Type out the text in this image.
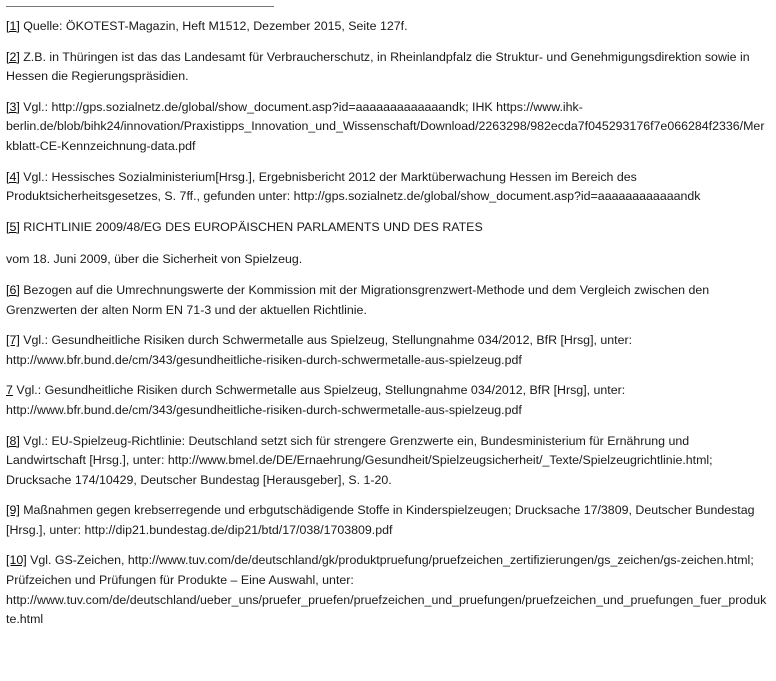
[1] Quelle: ÖKOTEST-Magazin, Heft M1512, Dezember 2015, Seite 127f.

[2] Z.B. in Thüringen ist das das Landesamt für Verbraucherschutz, in Rheinlandpfalz die Struktur- und Genehmigungsdirektion sowie in Hessen die Regierungspräsidien.

[3] Vgl.: http://gps.sozialnetz.de/global/show_document.asp?id=aaaaaaaaaaaaandk; IHK https://www.ihk-berlin.de/blob/bihk24/innovation/Praxistipps_Innovation_und_Wissenschaft/Download/2263298/982ecda7f045293176f7e066284f2336/Merkblatt-CE-Kennzeichnung-data.pdf

[4] Vgl.: Hessisches Sozialministerium[Hrsg.], Ergebnisbericht 2012 der Marktüberwachung Hessen im Bereich des Produktsicherheitsgesetzes, S. 7ff., gefunden unter: http://gps.sozialnetz.de/global/show_document.asp?id=aaaaaaaaaaaandk

[5] RICHTLINIE 2009/48/EG DES EUROPÄISCHEN PARLAMENTS UND DES RATES

vom 18. Juni 2009, über die Sicherheit von Spielzeug.

[6] Bezogen auf die Umrechnungswerte der Kommission mit der Migrationsgrenzwert-Methode und dem Vergleich zwischen den Grenzwerten der alten Norm EN 71-3 und der aktuellen Richtlinie.

[7] Vgl.: Gesundheitliche Risiken durch Schwermetalle aus Spielzeug, Stellungnahme 034/2012, BfR [Hrsg], unter: http://www.bfr.bund.de/cm/343/gesundheitliche-risiken-durch-schwermetalle-aus-spielzeug.pdf

7 Vgl.: Gesundheitliche Risiken durch Schwermetalle aus Spielzeug, Stellungnahme 034/2012, BfR [Hrsg], unter: http://www.bfr.bund.de/cm/343/gesundheitliche-risiken-durch-schwermetalle-aus-spielzeug.pdf

[8] Vgl.: EU-Spielzeug-Richtlinie: Deutschland setzt sich für strengere Grenzwerte ein, Bundesministerium für Ernährung und Landwirtschaft [Hrsg.], unter: http://www.bmel.de/DE/Ernaehrung/Gesundheit/Spielzeugsicherheit/_Texte/Spielzeugrichtlinie.html; Drucksache 174/10429, Deutscher Bundestag [Herausgeber], S. 1-20.

[9] Maßnahmen gegen krebserregende und erbgutschädigende Stoffe in Kinderspielzeugen; Drucksache 17/3809, Deutscher Bundestag [Hrsg.], unter: http://dip21.bundestag.de/dip21/btd/17/038/1703809.pdf

[10] Vgl. GS-Zeichen, http://www.tuv.com/de/deutschland/gk/produktpruefung/pruefzeichen_zertifizierungen/gs_zeichen/gs-zeichen.html; Prüfzeichen und Prüfungen für Produkte – Eine Auswahl, unter: http://www.tuv.com/de/deutschland/ueber_uns/pruefer_pruefen/pruefzeichen_und_pruefungen/pruefzeichen_und_pruefungen_fuer_produkte.html
